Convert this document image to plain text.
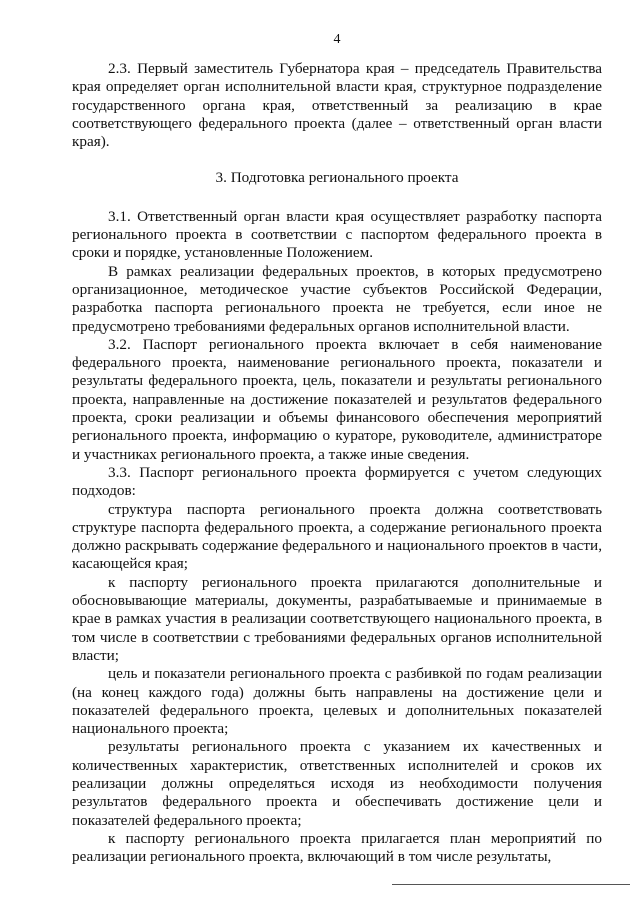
4

2.3. Первый заместитель Губернатора края – председатель Правительства края определяет орган исполнительной власти края, структурное подразделение государственного органа края, ответственный за реализацию в крае соответствующего федерального проекта (далее – ответственный орган власти края).

3. Подготовка регионального проекта

3.1. Ответственный орган власти края осуществляет разработку паспорта регионального проекта в соответствии с паспортом федерального проекта в сроки и порядке, установленные Положением.

В рамках реализации федеральных проектов, в которых предусмотрено организационное, методическое участие субъектов Российской Федерации, разработка паспорта регионального проекта не требуется, если иное не предусмотрено требованиями федеральных органов исполнительной власти.

3.2. Паспорт регионального проекта включает в себя наименование федерального проекта, наименование регионального проекта, показатели и результаты федерального проекта, цель, показатели и результаты регионального проекта, направленные на достижение показателей и результатов федерального проекта, сроки реализации и объемы финансового обеспечения мероприятий регионального проекта, информацию о кураторе, руководителе, администраторе и участниках регионального проекта, а также иные сведения.

3.3. Паспорт регионального проекта формируется с учетом следующих подходов:

структура паспорта регионального проекта должна соответствовать структуре паспорта федерального проекта, а содержание регионального проекта должно раскрывать содержание федерального и национального проектов в части, касающейся края;

к паспорту регионального проекта прилагаются дополнительные и обосновывающие материалы, документы, разрабатываемые и принимаемые в крае в рамках участия в реализации соответствующего национального проекта, в том числе в соответствии с требованиями федеральных органов исполнительной власти;

цель и показатели регионального проекта с разбивкой по годам реализации (на конец каждого года) должны быть направлены на достижение цели и показателей федерального проекта, целевых и дополнительных показателей национального проекта;

результаты регионального проекта с указанием их качественных и количественных характеристик, ответственных исполнителей и сроков их реализации должны определяться исходя из необходимости получения результатов федерального проекта и обеспечивать достижение цели и показателей федерального проекта;

к паспорту регионального проекта прилагается план мероприятий по реализации регионального проекта, включающий в том числе результаты,
